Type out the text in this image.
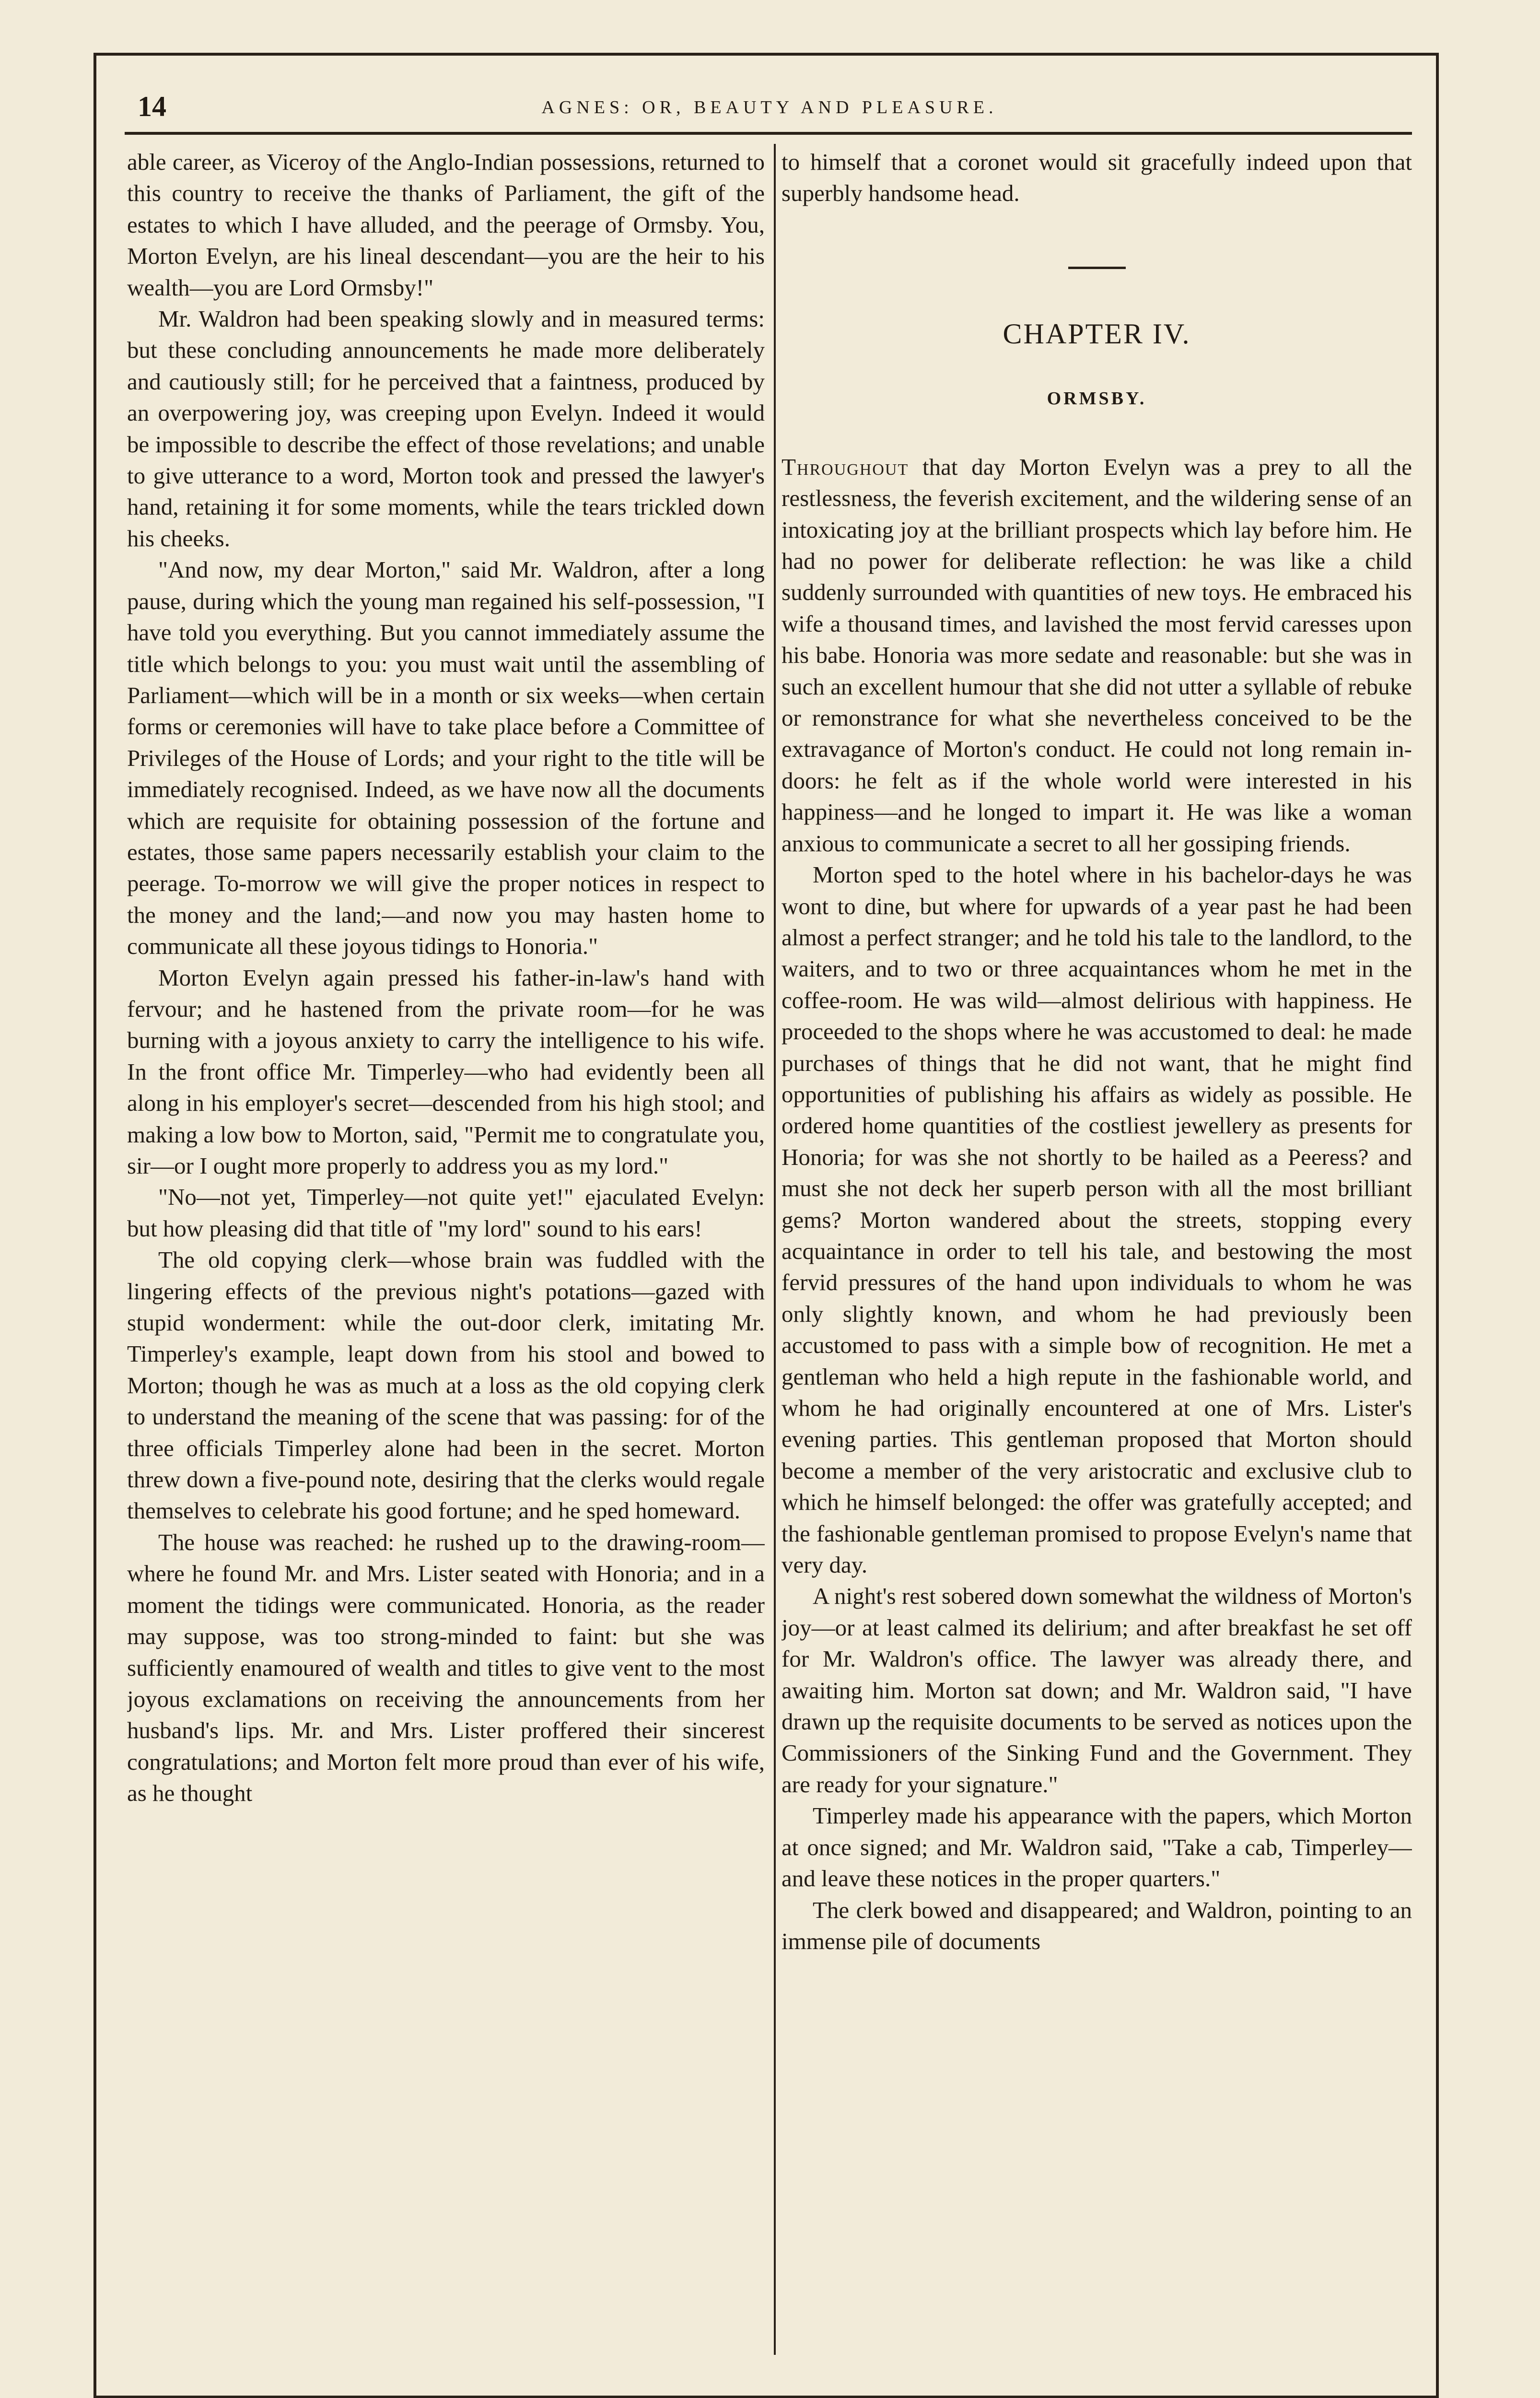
14	AGNES: OR, BEAUTY AND PLEASURE.

able career, as Viceroy of the Anglo-Indian possessions, returned to this country to receive the thanks of Parliament, the gift of the estates to which I have alluded, and the peerage of Ormsby. You, Morton Evelyn, are his lineal descendant—you are the heir to his wealth—you are Lord Ormsby!"

Mr. Waldron had been speaking slowly and in measured terms: but these concluding announcements he made more deliberately and cautiously still; for he perceived that a faintness, produced by an overpowering joy, was creeping upon Evelyn. Indeed it would be impossible to describe the effect of those revelations; and unable to give utterance to a word, Morton took and pressed the lawyer's hand, retaining it for some moments, while the tears trickled down his cheeks.

"And now, my dear Morton," said Mr. Waldron, after a long pause, during which the young man regained his self-possession, "I have told you everything. But you cannot immediately assume the title which belongs to you: you must wait until the assembling of Parliament—which will be in a month or six weeks—when certain forms or ceremonies will have to take place before a Committee of Privileges of the House of Lords; and your right to the title will be immediately recognised. Indeed, as we have now all the documents which are requisite for obtaining possession of the fortune and estates, those same papers necessarily establish your claim to the peerage. To-morrow we will give the proper notices in respect to the money and the land;—and now you may hasten home to communicate all these joyous tidings to Honoria."

Morton Evelyn again pressed his father-in-law's hand with fervour; and he hastened from the private room—for he was burning with a joyous anxiety to carry the intelligence to his wife. In the front office Mr. Timperley—who had evidently been all along in his employer's secret—descended from his high stool; and making a low bow to Morton, said, "Permit me to congratulate you, sir—or I ought more properly to address you as my lord."

"No—not yet, Timperley—not quite yet!" ejaculated Evelyn: but how pleasing did that title of "my lord" sound to his ears!

The old copying clerk—whose brain was fuddled with the lingering effects of the previous night's potations—gazed with stupid wonderment: while the out-door clerk, imitating Mr. Timperley's example, leapt down from his stool and bowed to Morton; though he was as much at a loss as the old copying clerk to understand the meaning of the scene that was passing: for of the three officials Timperley alone had been in the secret. Morton threw down a five-pound note, desiring that the clerks would regale themselves to celebrate his good fortune; and he sped homeward.

The house was reached: he rushed up to the drawing-room—where he found Mr. and Mrs. Lister seated with Honoria; and in a moment the tidings were communicated. Honoria, as the reader may suppose, was too strong-minded to faint: but she was sufficiently enamoured of wealth and titles to give vent to the most joyous exclamations on receiving the announcements from her husband's lips. Mr. and Mrs. Lister proffered their sincerest congratulations; and Morton felt more proud than ever of his wife, as he thought

to himself that a coronet would sit gracefully indeed upon that superbly handsome head.

CHAPTER IV.
ORMSBY.

Throughout that day Morton Evelyn was a prey to all the restlessness, the feverish excitement, and the wildering sense of an intoxicating joy at the brilliant prospects which lay before him. He had no power for deliberate reflection: he was like a child suddenly surrounded with quantities of new toys. He embraced his wife a thousand times, and lavished the most fervid caresses upon his babe. Honoria was more sedate and reasonable: but she was in such an excellent humour that she did not utter a syllable of rebuke or remonstrance for what she nevertheless conceived to be the extravagance of Morton's conduct. He could not long remain in-doors: he felt as if the whole world were interested in his happiness—and he longed to impart it. He was like a woman anxious to communicate a secret to all her gossiping friends.

Morton sped to the hotel where in his bachelor-days he was wont to dine, but where for upwards of a year past he had been almost a perfect stranger; and he told his tale to the landlord, to the waiters, and to two or three acquaintances whom he met in the coffee-room. He was wild—almost delirious with happiness. He proceeded to the shops where he was accustomed to deal: he made purchases of things that he did not want, that he might find opportunities of publishing his affairs as widely as possible. He ordered home quantities of the costliest jewellery as presents for Honoria; for was she not shortly to be hailed as a Peeress? and must she not deck her superb person with all the most brilliant gems? Morton wandered about the streets, stopping every acquaintance in order to tell his tale, and bestowing the most fervid pressures of the hand upon individuals to whom he was only slightly known, and whom he had previously been accustomed to pass with a simple bow of recognition. He met a gentleman who held a high repute in the fashionable world, and whom he had originally encountered at one of Mrs. Lister's evening parties. This gentleman proposed that Morton should become a member of the very aristocratic and exclusive club to which he himself belonged: the offer was gratefully accepted; and the fashionable gentleman promised to propose Evelyn's name that very day.

A night's rest sobered down somewhat the wildness of Morton's joy—or at least calmed its delirium; and after breakfast he set off for Mr. Waldron's office. The lawyer was already there, and awaiting him. Morton sat down; and Mr. Waldron said, "I have drawn up the requisite documents to be served as notices upon the Commissioners of the Sinking Fund and the Government. They are ready for your signature."

Timperley made his appearance with the papers, which Morton at once signed; and Mr. Waldron said, "Take a cab, Timperley—and leave these notices in the proper quarters."

The clerk bowed and disappeared; and Waldron, pointing to an immense pile of documents
